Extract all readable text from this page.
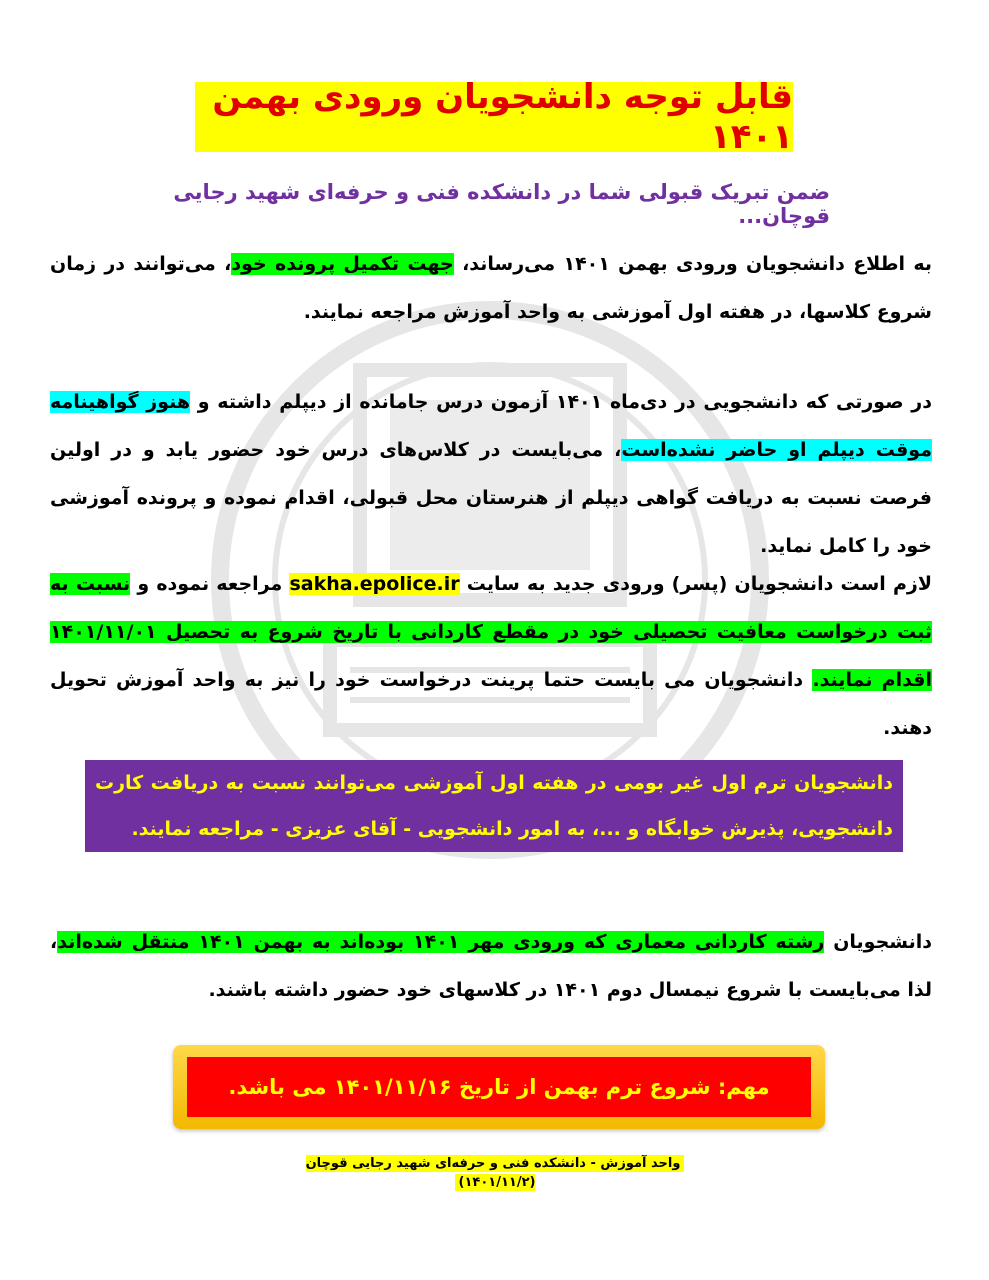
قابل توجه دانشجویان ورودی بهمن ۱۴۰۱
ضمن تبریک قبولی شما در دانشکده فنی و حرفه‌ای شهید رجایی قوچان...
به اطلاع دانشجویان ورودی بهمن ۱۴۰۱ می‌رساند، جهت تکمیل پرونده خود، می‌توانند در زمان شروع کلاسها، در هفته اول آموزشی به واحد آموزش مراجعه نمایند.
در صورتی که دانشجویی در دی‌ماه ۱۴۰۱ آزمون درس جامانده از دیپلم داشته و هنوز گواهینامه موقت دیپلم او حاضر نشده‌است، می‌بایست در کلاس‌های درس خود حضور یابد و در اولین فرصت نسبت به دریافت گواهی دیپلم از هنرستان محل قبولی، اقدام نموده و پرونده آموزشی خود را کامل نماید.
لازم است دانشجویان (پسر) ورودی جدید به سایت sakha.epolice.ir مراجعه نموده و نسبت به ثبت درخواست معافیت تحصیلی خود در مقطع کاردانی با تاریخ شروع به تحصیل ۱۴۰۱/۱۱/۰۱ اقدام نمایند. دانشجویان می بایست حتما پرینت درخواست خود را نیز به واحد آموزش تحویل دهند.
دانشجویان ترم اول غیر بومی در هفته اول آموزشی می‌توانند نسبت به دریافت کارت دانشجویی، پذیرش خوابگاه و ...، به امور دانشجویی - آقای عزیزی - مراجعه نمایند.
دانشجویان رشته کاردانی معماری که ورودی مهر ۱۴۰۱ بوده‌اند به بهمن ۱۴۰۱ منتقل شده‌اند، لذا می‌بایست با شروع نیمسال دوم ۱۴۰۱ در کلاسهای خود حضور داشته باشند.
مهم: شروع ترم بهمن از تاریخ ۱۴۰۱/۱۱/۱۶ می باشد.
واحد آموزش - دانشکده فنی و حرفه‌ای شهید رجایی قوچان (۱۴۰۱/۱۱/۲)
